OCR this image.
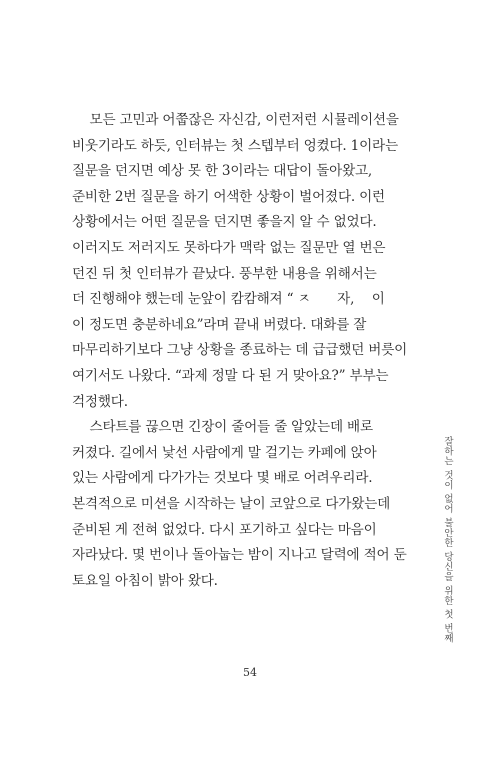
　 모든 고민과 어쭙잖은 자신감, 이런저런 시뮬레이션을
비웃기라도 하듯, 인터뷰는 첫 스텝부터 엉켰다. 1이라는
질문을 던지면 예상 못 한 3이라는 대답이 돌아왔고,
준비한 2번 질문을 하기 어색한 상황이 벌어졌다. 이런
상황에서는 어떤 질문을 던지면 좋을지 알 수 없었다.
이러지도 저러지도 못하다가 맥락 없는 질문만 열 번은
던진 뒤 첫 인터뷰가 끝났다. 풍부한 내용을 위해서는
더 진행해야 했는데 눈앞이 캄캄해져 “ ㅈ　　자,　 이
이 정도면 충분하네요”라며 끝내 버렸다. 대화를 잘
마무리하기보다 그냥 상황을 종료하는 데 급급했던 버릇이
여기서도 나왔다. “과제 정말 다 된 거 맞아요?” 부부는
걱정했다.
　 스타트를 끊으면 긴장이 줄어들 줄 알았는데 배로
커졌다. 길에서 낯선 사람에게 말 걸기는 카페에 앉아
있는 사람에게 다가가는 것보다 몇 배로 어려우리라.
본격적으로 미션을 시작하는 날이 코앞으로 다가왔는데
준비된 게 전혀 없었다. 다시 포기하고 싶다는 마음이
자라났다. 몇 번이나 돌아눕는 밤이 지나고 달력에 적어 둔
토요일 아침이 밝아 왔다.	잘하는 것이 없어 불안한 당신을 위한 첫 번째
54
